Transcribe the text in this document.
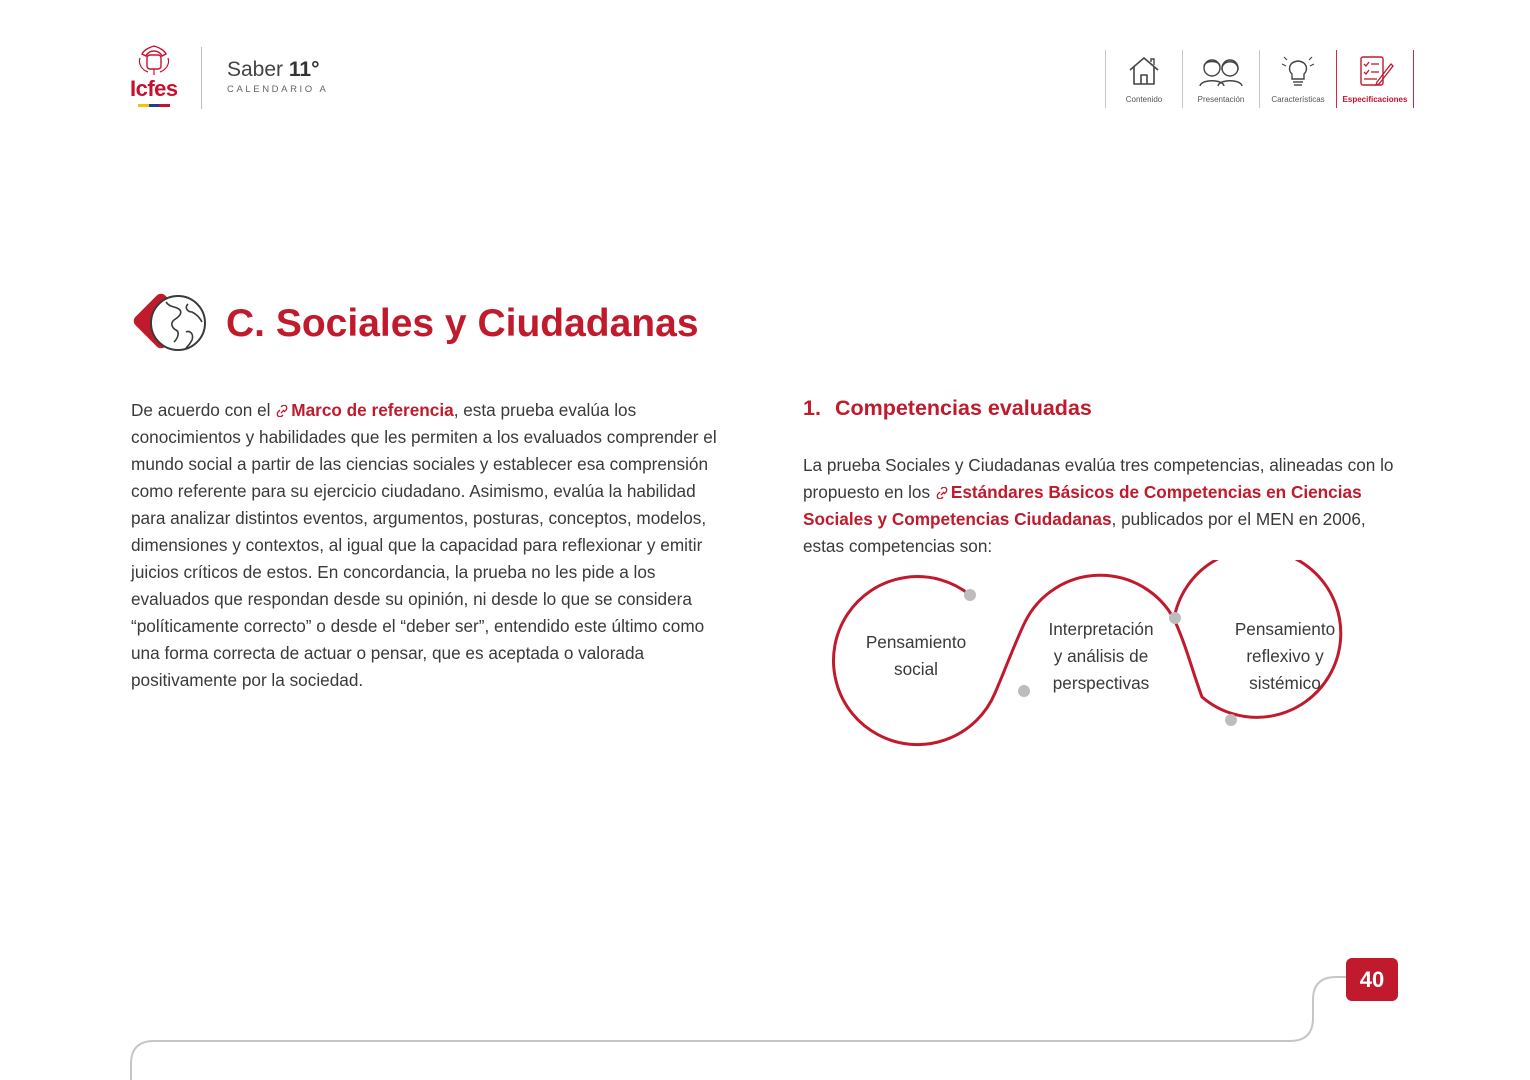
Icfes
Saber 11°
CALENDARIO A
Contenido	Presentación	Características	Especificaciones
C. Sociales y Ciudadanas

De acuerdo con el Marco de referencia, esta prueba evalúa los conocimientos y habilidades que les permiten a los evaluados comprender el mundo social a partir de las ciencias sociales y establecer esa comprensión como referente para su ejercicio ciudadano. Asimismo, evalúa la habilidad para analizar distintos eventos, argumentos, posturas, conceptos, modelos, dimensiones y contextos, al igual que la capacidad para reflexionar y emitir juicios críticos de estos. En concordancia, la prueba no les pide a los evaluados que respondan desde su opinión, ni desde lo que se considera “políticamente correcto” o desde el “deber ser”, entendido este último como una forma correcta de actuar o pensar, que es aceptada o valorada positivamente por la sociedad.

1. Competencias evaluadas

La prueba Sociales y Ciudadanas evalúa tres competencias, alineadas con lo propuesto en los Estándares Básicos de Competencias en Ciencias Sociales y Competencias Ciudadanas, publicados por el MEN en 2006, estas competencias son:

Pensamiento
social
Interpretación
y análisis de
perspectivas
Pensamiento
reflexivo y
sistémico
40
